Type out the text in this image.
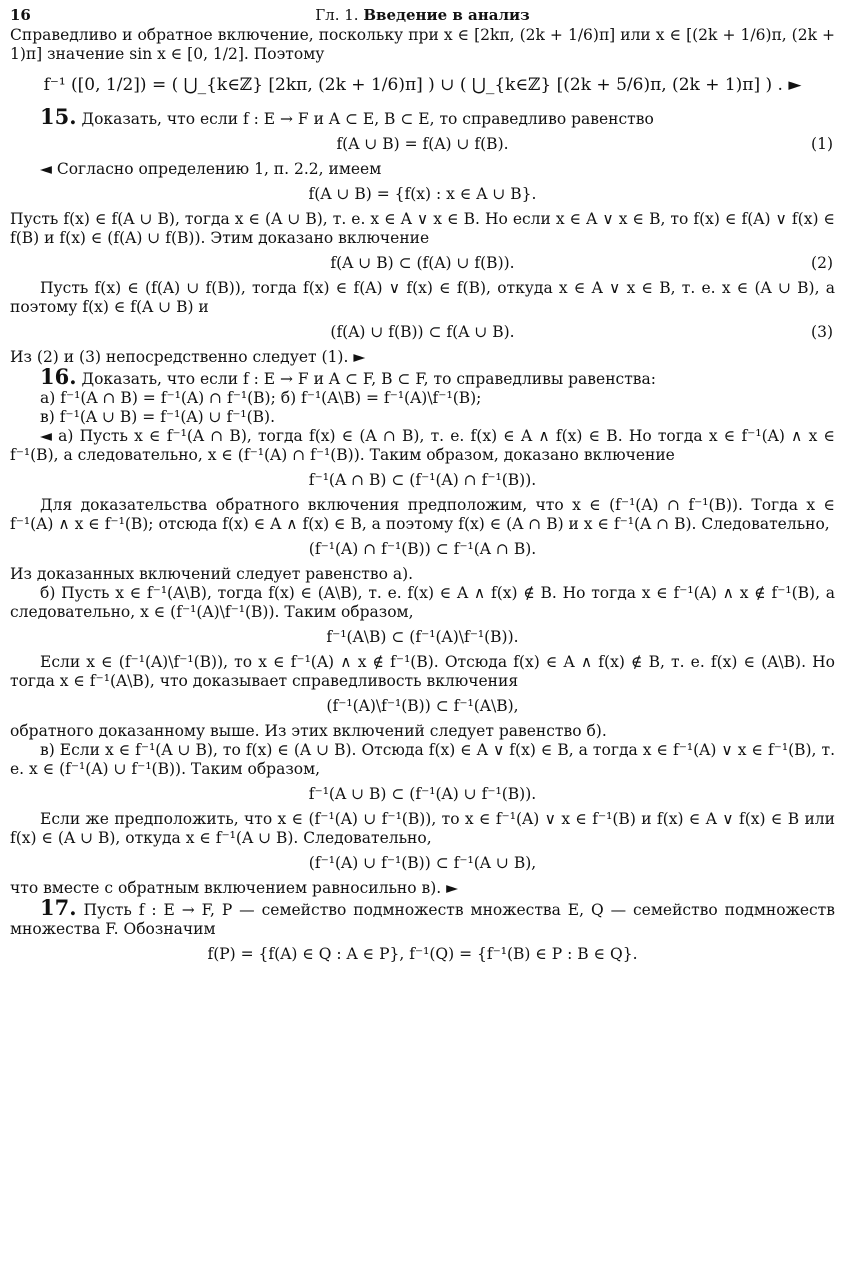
16	Гл. 1. Введение в анализ

Справедливо и обратное включение, поскольку при x ∈ [2kπ, (2k + 1/6)π] или x ∈ [(2k + 1/6)π, (2k + 1)π] значение sin x ∈ [0, 1/2]. Поэтому

f⁻¹ ([0, 1/2]) = ( ⋃_{k∈ℤ} [2kπ, (2k + 1/6)π] ) ∪ ( ⋃_{k∈ℤ} [(2k + 5/6)π, (2k + 1)π] ) . ►

15. Доказать, что если f : E → F и A ⊂ E, B ⊂ E, то справедливо равенство

f(A ∪ B) = f(A) ∪ f(B).	(1)

◄ Согласно определению 1, п. 2.2, имеем

f(A ∪ B) = {f(x) : x ∈ A ∪ B}.

Пусть f(x) ∈ f(A ∪ B), тогда x ∈ (A ∪ B), т. е. x ∈ A ∨ x ∈ B. Но если x ∈ A ∨ x ∈ B, то f(x) ∈ f(A) ∨ f(x) ∈ f(B) и f(x) ∈ (f(A) ∪ f(B)). Этим доказано включение

f(A ∪ B) ⊂ (f(A) ∪ f(B)).	(2)

Пусть f(x) ∈ (f(A) ∪ f(B)), тогда f(x) ∈ f(A) ∨ f(x) ∈ f(B), откуда x ∈ A ∨ x ∈ B, т. е. x ∈ (A ∪ B), а поэтому f(x) ∈ f(A ∪ B) и

(f(A) ∪ f(B)) ⊂ f(A ∪ B).	(3)

Из (2) и (3) непосредственно следует (1). ►

16. Доказать, что если f : E → F и A ⊂ F, B ⊂ F, то справедливы равенства:

а) f⁻¹(A ∩ B) = f⁻¹(A) ∩ f⁻¹(B); б) f⁻¹(A\B) = f⁻¹(A)\f⁻¹(B);

в) f⁻¹(A ∪ B) = f⁻¹(A) ∪ f⁻¹(B).

◄ а) Пусть x ∈ f⁻¹(A ∩ B), тогда f(x) ∈ (A ∩ B), т. е. f(x) ∈ A ∧ f(x) ∈ B. Но тогда x ∈ f⁻¹(A) ∧ x ∈ f⁻¹(B), а следовательно, x ∈ (f⁻¹(A) ∩ f⁻¹(B)). Таким образом, доказано включение

f⁻¹(A ∩ B) ⊂ (f⁻¹(A) ∩ f⁻¹(B)).

Для доказательства обратного включения предположим, что x ∈ (f⁻¹(A) ∩ f⁻¹(B)). Тогда x ∈ f⁻¹(A) ∧ x ∈ f⁻¹(B); отсюда f(x) ∈ A ∧ f(x) ∈ B, а поэтому f(x) ∈ (A ∩ B) и x ∈ f⁻¹(A ∩ B). Следовательно,

(f⁻¹(A) ∩ f⁻¹(B)) ⊂ f⁻¹(A ∩ B).

Из доказанных включений следует равенство а).

б) Пусть x ∈ f⁻¹(A\B), тогда f(x) ∈ (A\B), т. е. f(x) ∈ A ∧ f(x) ∉ B. Но тогда x ∈ f⁻¹(A) ∧ x ∉ f⁻¹(B), а следовательно, x ∈ (f⁻¹(A)\f⁻¹(B)). Таким образом,

f⁻¹(A\B) ⊂ (f⁻¹(A)\f⁻¹(B)).

Если x ∈ (f⁻¹(A)\f⁻¹(B)), то x ∈ f⁻¹(A) ∧ x ∉ f⁻¹(B). Отсюда f(x) ∈ A ∧ f(x) ∉ B, т. е. f(x) ∈ (A\B). Но тогда x ∈ f⁻¹(A\B), что доказывает справедливость включения

(f⁻¹(A)\f⁻¹(B)) ⊂ f⁻¹(A\B),

обратного доказанному выше. Из этих включений следует равенство б).

в) Если x ∈ f⁻¹(A ∪ B), то f(x) ∈ (A ∪ B). Отсюда f(x) ∈ A ∨ f(x) ∈ B, а тогда x ∈ f⁻¹(A) ∨ x ∈ f⁻¹(B), т. е. x ∈ (f⁻¹(A) ∪ f⁻¹(B)). Таким образом,

f⁻¹(A ∪ B) ⊂ (f⁻¹(A) ∪ f⁻¹(B)).

Если же предположить, что x ∈ (f⁻¹(A) ∪ f⁻¹(B)), то x ∈ f⁻¹(A) ∨ x ∈ f⁻¹(B) и f(x) ∈ A ∨ f(x) ∈ B или f(x) ∈ (A ∪ B), откуда x ∈ f⁻¹(A ∪ B). Следовательно,

(f⁻¹(A) ∪ f⁻¹(B)) ⊂ f⁻¹(A ∪ B),

что вместе с обратным включением равносильно в). ►

17. Пусть f : E → F, P — семейство подмножеств множества E, Q — семейство подмножеств множества F. Обозначим

f(P) = {f(A) ∈ Q : A ∈ P}, f⁻¹(Q) = {f⁻¹(B) ∈ P : B ∈ Q}.
